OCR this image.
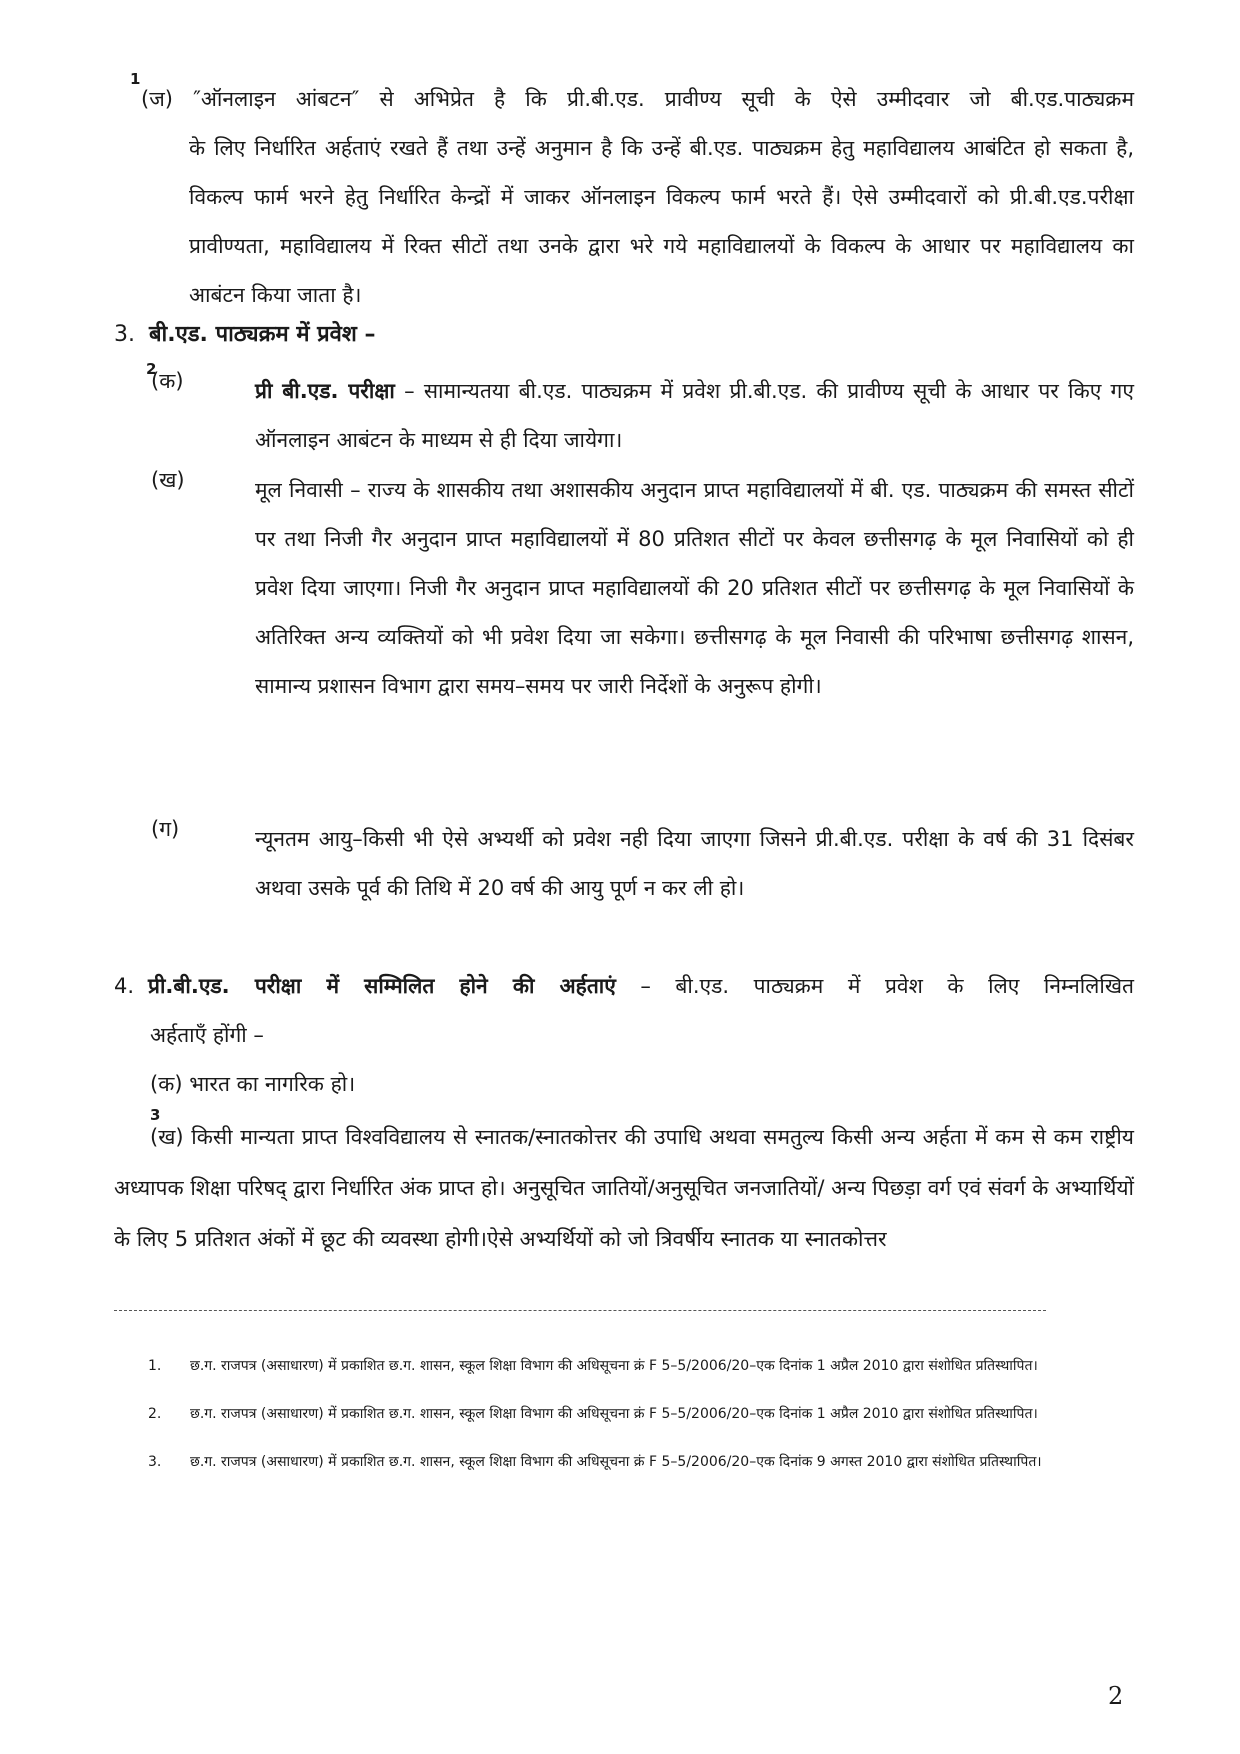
1
(ज) ″ऑनलाइन आंबटन″ से अभिप्रेत है कि प्री.बी.एड. प्रावीण्य सूची के ऐसे उम्मीदवार जो बी.एड.पाठ्यक्रम
के लिए निर्धारित अर्हताएं रखते हैं तथा उन्हें अनुमान है कि उन्हें बी.एड. पाठ्यक्रम हेतु महाविद्यालय आबंटित हो सकता है, विकल्प फार्म भरने हेतु निर्धारित केन्द्रों में जाकर ऑनलाइन विकल्प फार्म भरते हैं। ऐसे उम्मीदवारों को प्री.बी.एड.परीक्षा प्रावीण्यता, महाविद्यालय में रिक्त सीटों तथा उनके द्वारा भरे गये महाविद्यालयों के विकल्प के आधार पर महाविद्यालय का आबंटन किया जाता है।
3. बी.एड. पाठ्यक्रम में प्रवेश –
2
(क)	प्री बी.एड. परीक्षा – सामान्यतया बी.एड. पाठ्यक्रम में प्रवेश प्री.बी.एड. की प्रावीण्य सूची के आधार पर किए गए ऑनलाइन आबंटन के माध्यम से ही दिया जायेगा।
(ख)	मूल निवासी – राज्य के शासकीय तथा अशासकीय अनुदान प्राप्त महाविद्यालयों में बी. एड. पाठ्यक्रम की समस्त सीटों पर तथा निजी गैर अनुदान प्राप्त महाविद्यालयों में 80 प्रतिशत सीटों पर केवल छत्तीसगढ़ के मूल निवासियों को ही प्रवेश दिया जाएगा। निजी गैर अनुदान प्राप्त महाविद्यालयों की 20 प्रतिशत सीटों पर छत्तीसगढ़ के मूल निवासियों के अतिरिक्त अन्य व्यक्तियों को भी प्रवेश दिया जा सकेगा। छत्तीसगढ़ के मूल निवासी की परिभाषा छत्तीसगढ़ शासन, सामान्य प्रशासन विभाग द्वारा समय–समय पर जारी निर्देशों के अनुरूप होगी।
(ग)	न्यूनतम आयु–किसी भी ऐसे अभ्यर्थी को प्रवेश नही दिया जाएगा जिसने प्री.बी.एड. परीक्षा के वर्ष की 31 दिसंबर अथवा उसके पूर्व की तिथि में 20 वर्ष की आयु पूर्ण न कर ली हो।
4. प्री.बी.एड. परीक्षा में सम्मिलित होने की अर्हताएं – बी.एड. पाठ्यक्रम में प्रवेश के लिए निम्नलिखित
अर्हताएँ होंगी –
(क) भारत का नागरिक हो।
3
(ख) किसी मान्यता प्राप्त विश्वविद्यालय से स्नातक/स्नातकोत्तर की उपाधि अथवा समतुल्य किसी अन्य अर्हता में कम से कम राष्ट्रीय अध्यापक शिक्षा परिषद् द्वारा निर्धारित अंक प्राप्त हो। अनुसूचित जातियों/अनुसूचित जनजातियों/ अन्य पिछड़ा वर्ग एवं संवर्ग के अभ्यार्थियों के लिए 5 प्रतिशत अंकों में छूट की व्यवस्था होगी।ऐसे अभ्यर्थियों को जो त्रिवर्षीय स्नातक या स्नातकोत्तर
1. छ.ग. राजपत्र (असाधारण) में प्रकाशित छ.ग. शासन, स्कूल शिक्षा विभाग की अधिसूचना क्रं F 5–5/2006/20–एक दिनांक 1 अप्रैल 2010 द्वारा संशोधित प्रतिस्थापित।
2. छ.ग. राजपत्र (असाधारण) में प्रकाशित छ.ग. शासन, स्कूल शिक्षा विभाग की अधिसूचना क्रं F 5–5/2006/20–एक दिनांक 1 अप्रैल 2010 द्वारा संशोधित प्रतिस्थापित।
3. छ.ग. राजपत्र (असाधारण) में प्रकाशित छ.ग. शासन, स्कूल शिक्षा विभाग की अधिसूचना क्रं F 5–5/2006/20–एक दिनांक 9 अगस्त 2010 द्वारा संशोधित प्रतिस्थापित।
2
